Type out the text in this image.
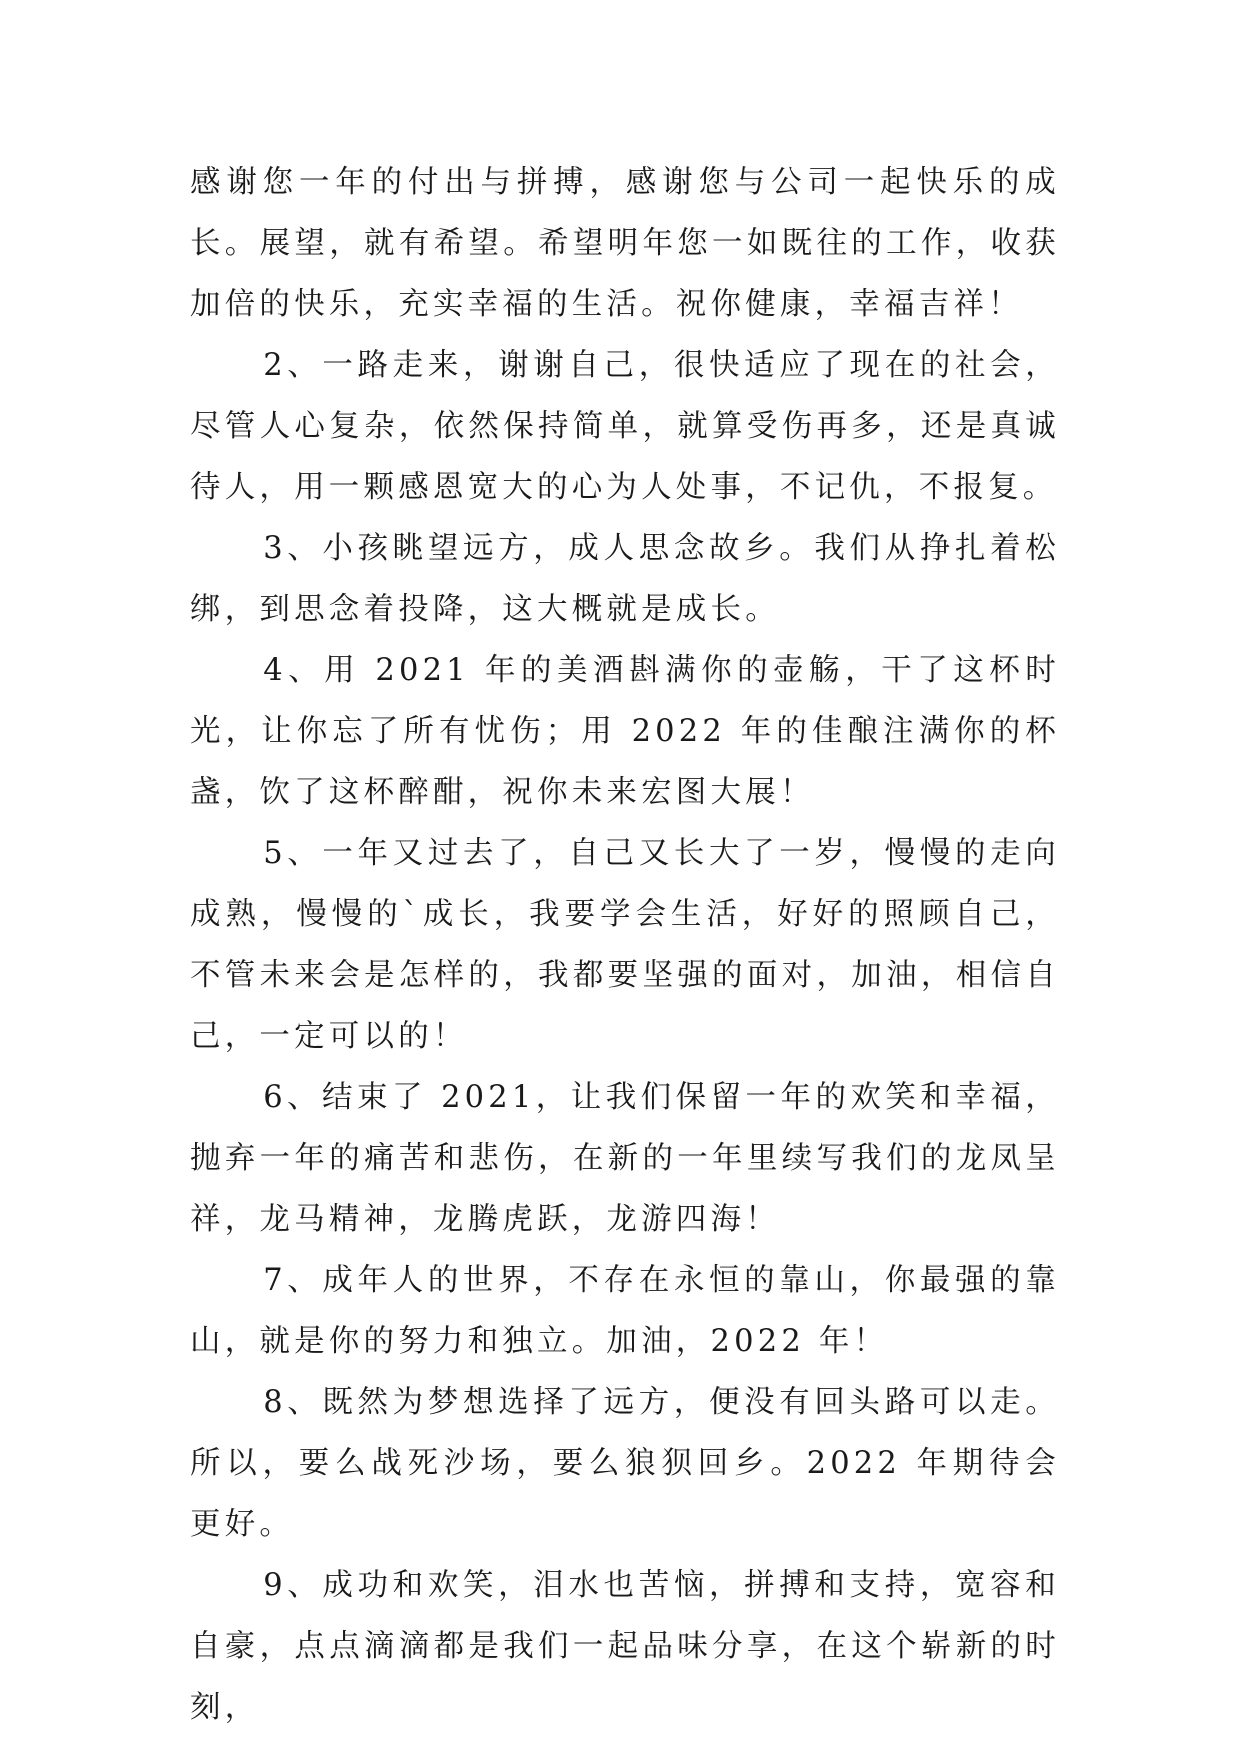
感谢您一年的付出与拼搏，感谢您与公司一起快乐的成长。展望，就有希望。希望明年您一如既往的工作，收获加倍的快乐，充实幸福的生活。祝你健康，幸福吉祥！

2、一路走来，谢谢自己，很快适应了现在的社会，尽管人心复杂，依然保持简单，就算受伤再多，还是真诚待人，用一颗感恩宽大的心为人处事，不记仇，不报复。

3、小孩眺望远方，成人思念故乡。我们从挣扎着松绑，到思念着投降，这大概就是成长。

4、用 2021 年的美酒斟满你的壶觞，干了这杯时光，让你忘了所有忧伤；用 2022 年的佳酿注满你的杯盏，饮了这杯醉酣，祝你未来宏图大展！

5、一年又过去了，自己又长大了一岁，慢慢的走向成熟，慢慢的`成长，我要学会生活，好好的照顾自己，不管未来会是怎样的，我都要坚强的面对，加油，相信自己，一定可以的！

6、结束了 2021，让我们保留一年的欢笑和幸福，抛弃一年的痛苦和悲伤，在新的一年里续写我们的龙凤呈祥，龙马精神，龙腾虎跃，龙游四海！

7、成年人的世界，不存在永恒的靠山，你最强的靠山，就是你的努力和独立。加油，2022 年！

8、既然为梦想选择了远方，便没有回头路可以走。所以，要么战死沙场，要么狼狈回乡。2022 年期待会更好。

9、成功和欢笑，泪水也苦恼，拼搏和支持，宽容和自豪，点点滴滴都是我们一起品味分享，在这个崭新的时刻，
